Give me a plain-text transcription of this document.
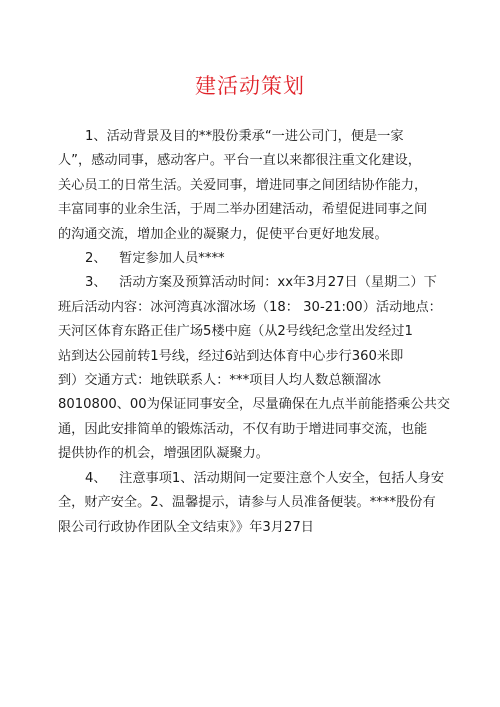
建活动策划

1、活动背景及目的**股份秉承“一进公司门，便是一家
人”，感动同事，感动客户。平台一直以来都很注重文化建设，
关心员工的日常生活。关爱同事，增进同事之间团结协作能力，
丰富同事的业余生活，于周二举办团建活动，希望促进同事之间
的沟通交流，增加企业的凝聚力，促使平台更好地发展。

2、   暂定参加人员****

3、   活动方案及预算活动时间：xx年3月27日（星期二）下
班后活动内容：冰河湾真冰溜冰场（18： 30-21:00）活动地点：
天河区体育东路正佳广场5楼中庭（从2号线纪念堂出发经过1
站到达公园前转1号线，经过6站到达体育中心步行360米即
到）交通方式：地铁联系人：***项目人均人数总额溜冰
8010800、00为保证同事安全，尽量确保在九点半前能搭乘公共交
通，因此安排简单的锻炼活动，不仅有助于增进同事交流，也能
提供协作的机会，增强团队凝聚力。

4、   注意事项1、活动期间一定要注意个人安全，包括人身安
全，财产安全。2、温馨提示，请参与人员准备便装。****股份有
限公司行政协作团队全文结束》》年3月27日
